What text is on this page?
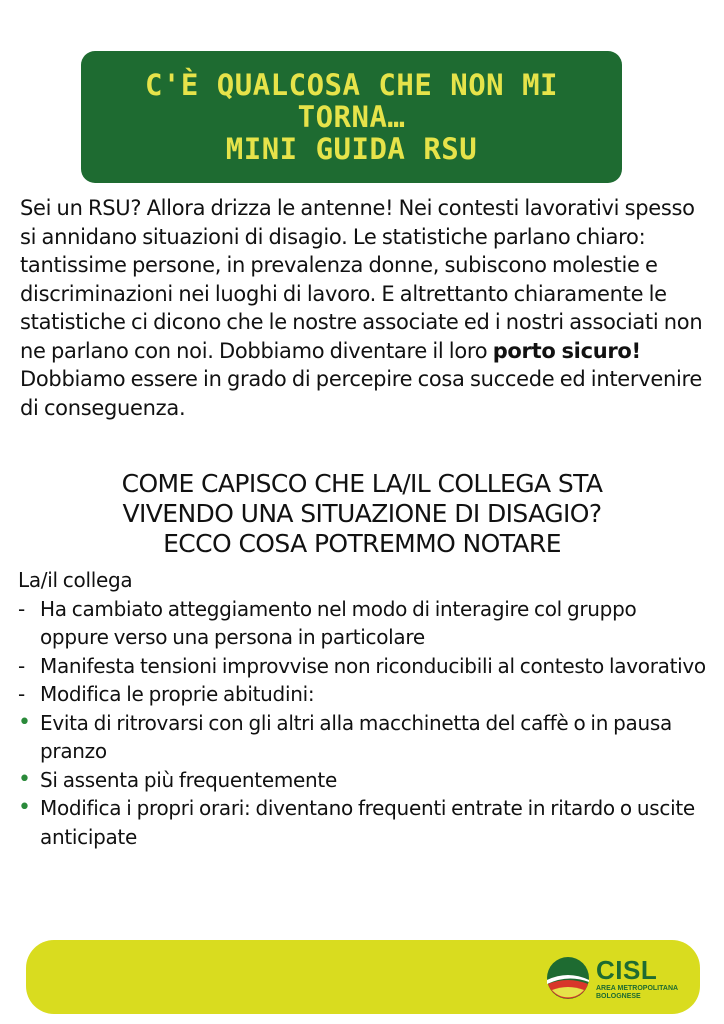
C'È QUALCOSA CHE NON MI
TORNA…
MINI GUIDA RSU

Sei un RSU? Allora drizza le antenne! Nei contesti lavorativi spesso si annidano situazioni di disagio. Le statistiche parlano chiaro: tantissime persone, in prevalenza donne, subiscono molestie e discriminazioni nei luoghi di lavoro. E altrettanto chiaramente le statistiche ci dicono che le nostre associate ed i nostri associati non ne parlano con noi. Dobbiamo diventare il loro porto sicuro! Dobbiamo essere in grado di percepire cosa succede ed intervenire di conseguenza.

COME CAPISCO CHE LA/IL COLLEGA STA
VIVENDO UNA SITUAZIONE DI DISAGIO?
ECCO COSA POTREMMO NOTARE
La/il collega
- Ha cambiato atteggiamento nel modo di interagire col gruppo oppure verso una persona in particolare
- Manifesta tensioni improvvise non riconducibili al contesto lavorativo
- Modifica le proprie abitudini:
• Evita di ritrovarsi con gli altri alla macchinetta del caffè o in pausa pranzo
• Si assenta più frequentemente
• Modifica i propri orari: diventano frequenti entrate in ritardo o uscite anticipate
CISL
AREA METROPOLITANA
BOLOGNESE
